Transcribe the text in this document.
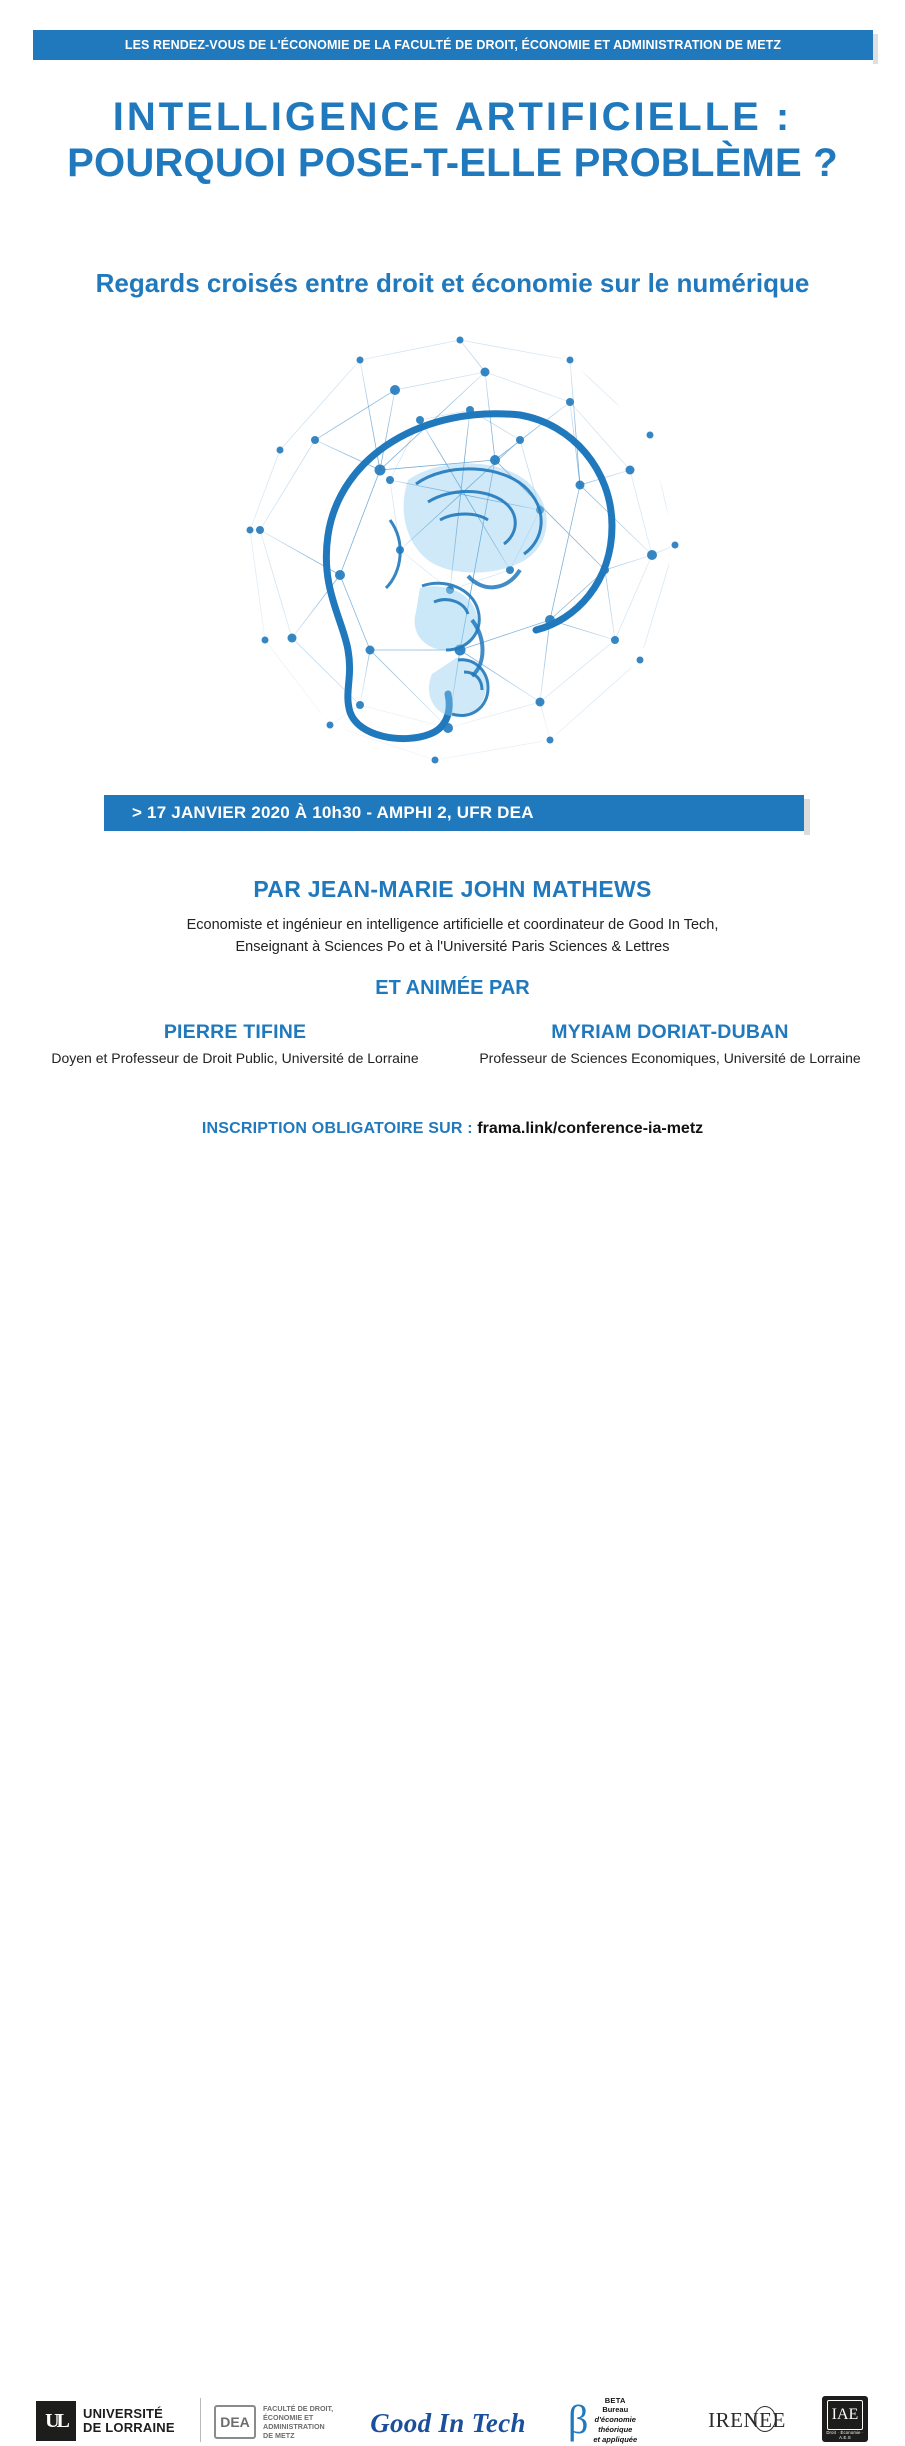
LES RENDEZ-VOUS DE L'ÉCONOMIE DE LA FACULTÉ DE DROIT, ÉCONOMIE ET ADMINISTRATION DE METZ
INTELLIGENCE ARTIFICIELLE :
POURQUOI POSE-T-ELLE PROBLÈME ?
Regards croisés entre droit et économie sur le numérique
> 17 JANVIER 2020 À 10h30 - AMPHI 2, UFR DEA
PAR JEAN-MARIE JOHN MATHEWS
Economiste et ingénieur en intelligence artificielle et coordinateur de Good In Tech,
Enseignant à Sciences Po et à l'Université Paris Sciences & Lettres
ET ANIMÉE PAR
PIERRE TIFINE
Doyen et Professeur de Droit Public, Université de Lorraine
MYRIAM DORIAT-DUBAN
Professeur de Sciences Economiques, Université de Lorraine
INSCRIPTION OBLIGATOIRE SUR : frama.link/conference-ia-metz
UL	UNIVERSITÉ
DE LORRAINE	DEA
FACULTÉ DE DROIT,
ÉCONOMIE ET
ADMINISTRATION
DE METZ	Good In Tech	β	BETA
Bureau
d'économie
théorique
et appliquée
IRENEE	IAE
Droit · Économie · A.E.S
